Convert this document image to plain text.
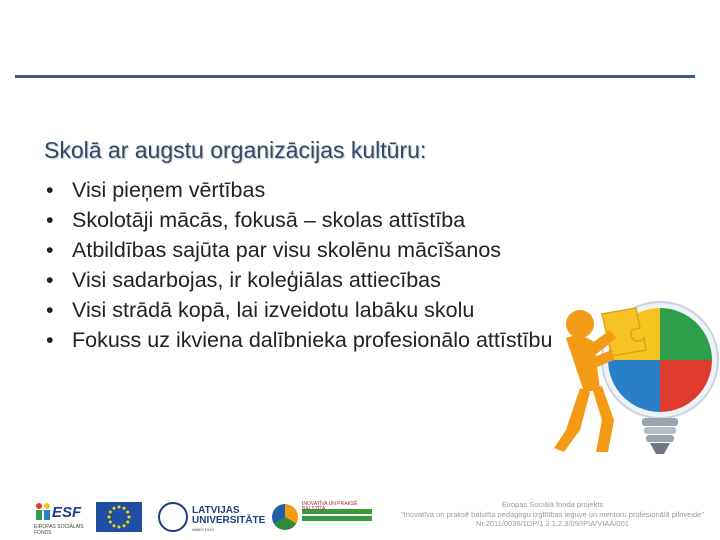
Skolā ar augstu organizācijas kultūru:
• Visi pieņem vērtības
• Skolotāji mācās, fokusā – skolas attīstība
• Atbildības sajūta par visu skolēnu mācīšanos
• Visi sadarbojas, ir koleģiālas attiecības
• Visi strādā kopā, lai izveidotu labāku skolu
• Fokuss uz ikviena dalībnieka profesionālo attīstību
ESF
EIROPAS SOCIĀLAIS FONDS
LATVIJAS
UNIVERSITĀTE
ANNO 1919
INOVATĪVA UN PRAKSĒ BALSTĪTA	Eiropas Sociālā fonda projekts
"Inovatīva un praksē balstīta pedagogu izglītības ieguve un mentoru profesionālā pilnveide"
Nr.2011/0036/1DP/1.2.1.2.3/09/IPIA/VIAA/001
